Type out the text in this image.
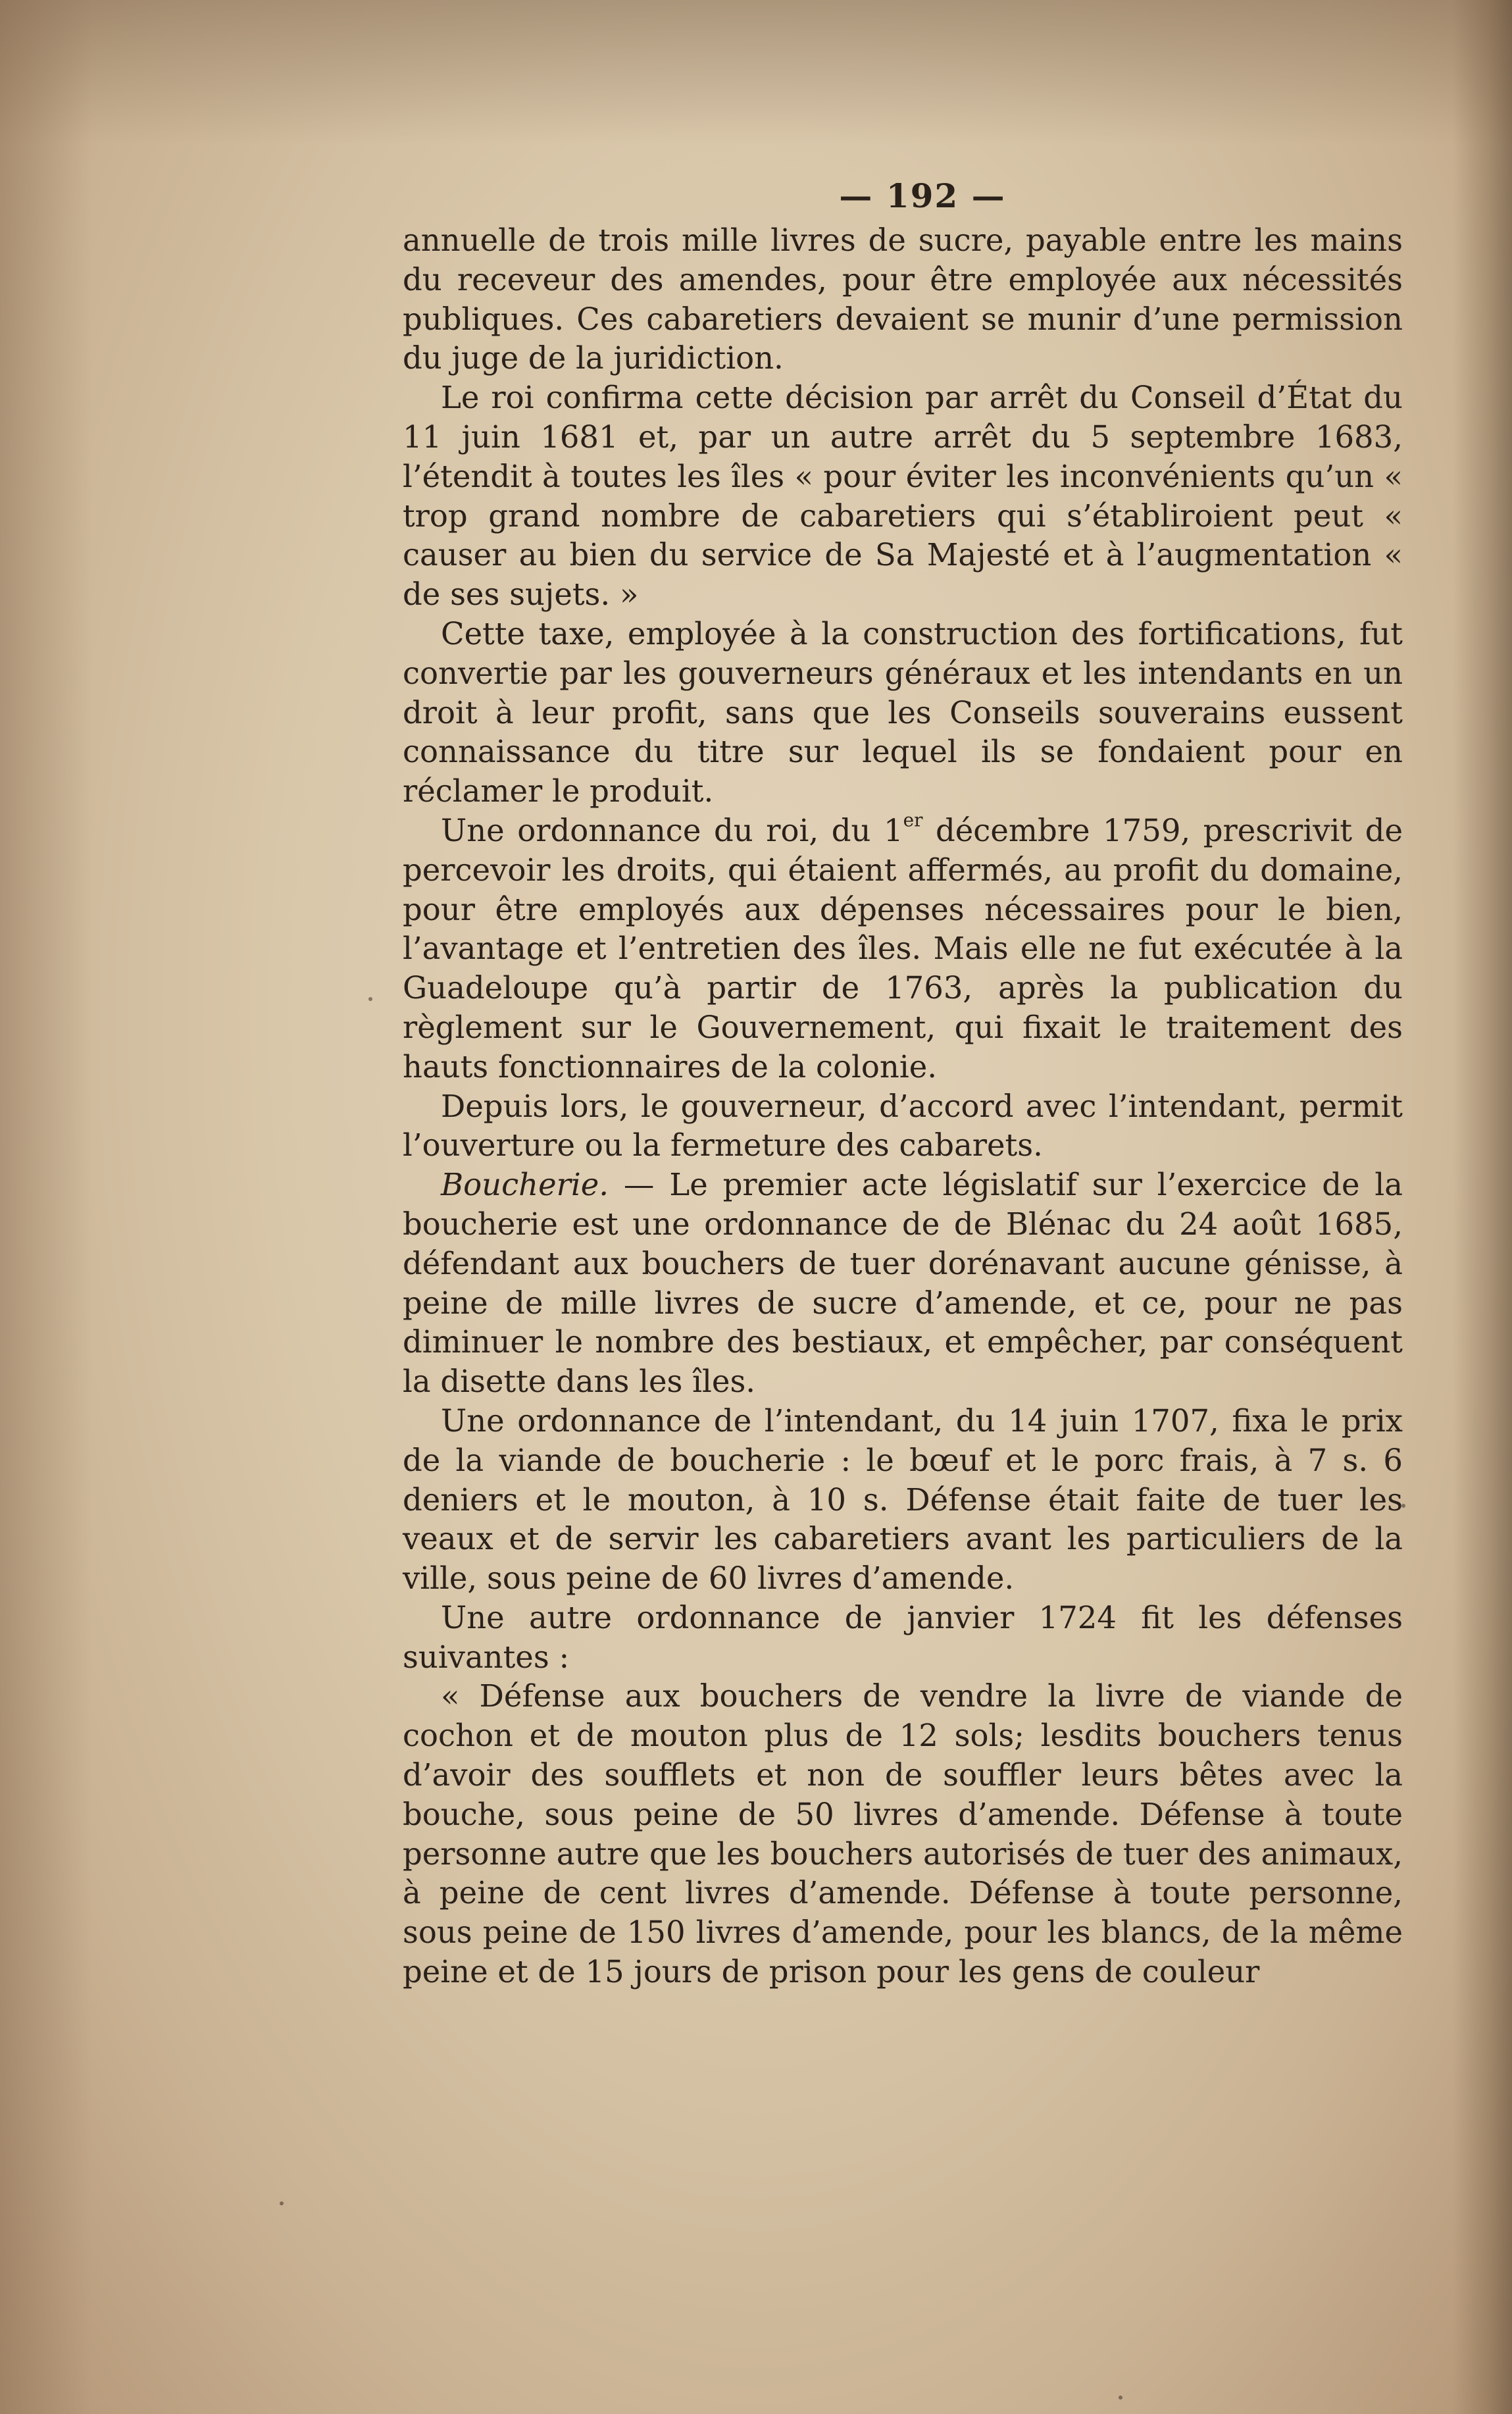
— 192 —

annuelle de trois mille livres de sucre, payable entre les mains du receveur des amendes, pour être employée aux nécessités publiques. Ces cabaretiers devaient se munir d’une permission du juge de la juridiction.

Le roi confirma cette décision par arrêt du Conseil d’État du 11 juin 1681 et, par un autre arrêt du 5 septembre 1683, l’étendit à toutes les îles « pour éviter les inconvénients qu’un « trop grand nombre de cabaretiers qui s’établiroient peut « causer au bien du service de Sa Majesté et à l’augmentation « de ses sujets. »

Cette taxe, employée à la construction des fortifications, fut convertie par les gouverneurs généraux et les intendants en un droit à leur profit, sans que les Conseils souverains eussent connaissance du titre sur lequel ils se fondaient pour en réclamer le produit.

Une ordonnance du roi, du 1er décembre 1759, prescrivit de percevoir les droits, qui étaient affermés, au profit du domaine, pour être employés aux dépenses nécessaires pour le bien, l’avantage et l’entretien des îles. Mais elle ne fut exécutée à la Guadeloupe qu’à partir de 1763, après la publication du règlement sur le Gouvernement, qui fixait le traitement des hauts fonctionnaires de la colonie.

Depuis lors, le gouverneur, d’accord avec l’intendant, permit l’ouverture ou la fermeture des cabarets.

Boucherie. — Le premier acte législatif sur l’exercice de la boucherie est une ordonnance de de Blénac du 24 août 1685, défendant aux bouchers de tuer dorénavant aucune génisse, à peine de mille livres de sucre d’amende, et ce, pour ne pas diminuer le nombre des bestiaux, et empêcher, par conséquent la disette dans les îles.

Une ordonnance de l’intendant, du 14 juin 1707, fixa le prix de la viande de boucherie : le bœuf et le porc frais, à 7 s. 6 deniers et le mouton, à 10 s. Défense était faite de tuer les veaux et de servir les cabaretiers avant les particuliers de la ville, sous peine de 60 livres d’amende.

Une autre ordonnance de janvier 1724 fit les défenses suivantes :

« Défense aux bouchers de vendre la livre de viande de cochon et de mouton plus de 12 sols; lesdits bouchers tenus d’avoir des soufflets et non de souffler leurs bêtes avec la bouche, sous peine de 50 livres d’amende. Défense à toute personne autre que les bouchers autorisés de tuer des animaux, à peine de cent livres d’amende. Défense à toute personne, sous peine de 150 livres d’amende, pour les blancs, de la même peine et de 15 jours de prison pour les gens de couleur
